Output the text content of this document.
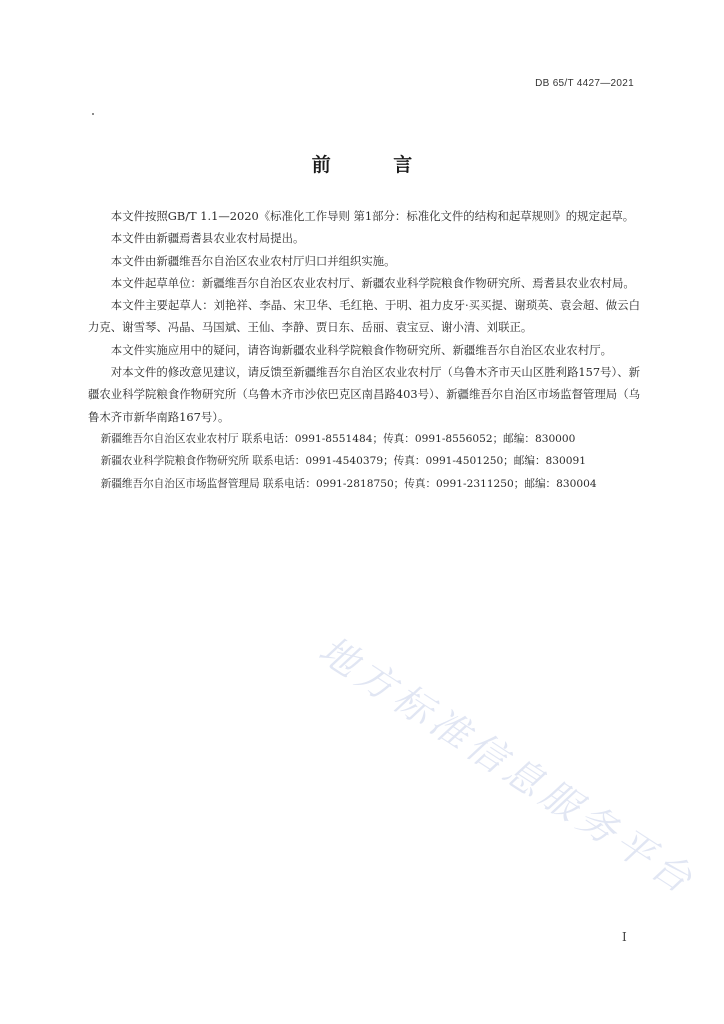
DB 65/T 4427—2021
前 言

本文件按照GB/T 1.1—2020《标准化工作导则 第1部分：标准化文件的结构和起草规则》的规定起草。

本文件由新疆焉耆县农业农村局提出。

本文件由新疆维吾尔自治区农业农村厅归口并组织实施。

本文件起草单位：新疆维吾尔自治区农业农村厅、新疆农业科学院粮食作物研究所、焉耆县农业农村局。

本文件主要起草人：刘艳祥、李晶、宋卫华、毛红艳、于明、祖力皮牙·买买提、谢琐英、袁会超、做云白力克、谢雪琴、冯晶、马国斌、王仙、李静、贾日东、岳丽、袁宝豆、谢小清、刘联正。

本文件实施应用中的疑问，请咨询新疆农业科学院粮食作物研究所、新疆维吾尔自治区农业农村厅。

对本文件的修改意见建议，请反馈至新疆维吾尔自治区农业农村厅（乌鲁木齐市天山区胜利路157号）、新疆农业科学院粮食作物研究所（乌鲁木齐市沙依巴克区南昌路403号）、新疆维吾尔自治区市场监督管理局（乌鲁木齐市新华南路167号）。

新疆维吾尔自治区农业农村厅 联系电话：0991-8551484；传真：0991-8556052；邮编：830000

新疆农业科学院粮食作物研究所 联系电话：0991-4540379；传真：0991-4501250；邮编：830091

新疆维吾尔自治区市场监督管理局 联系电话：0991-2818750；传真：0991-2311250；邮编：830004

地方标准信息服务平台
I
